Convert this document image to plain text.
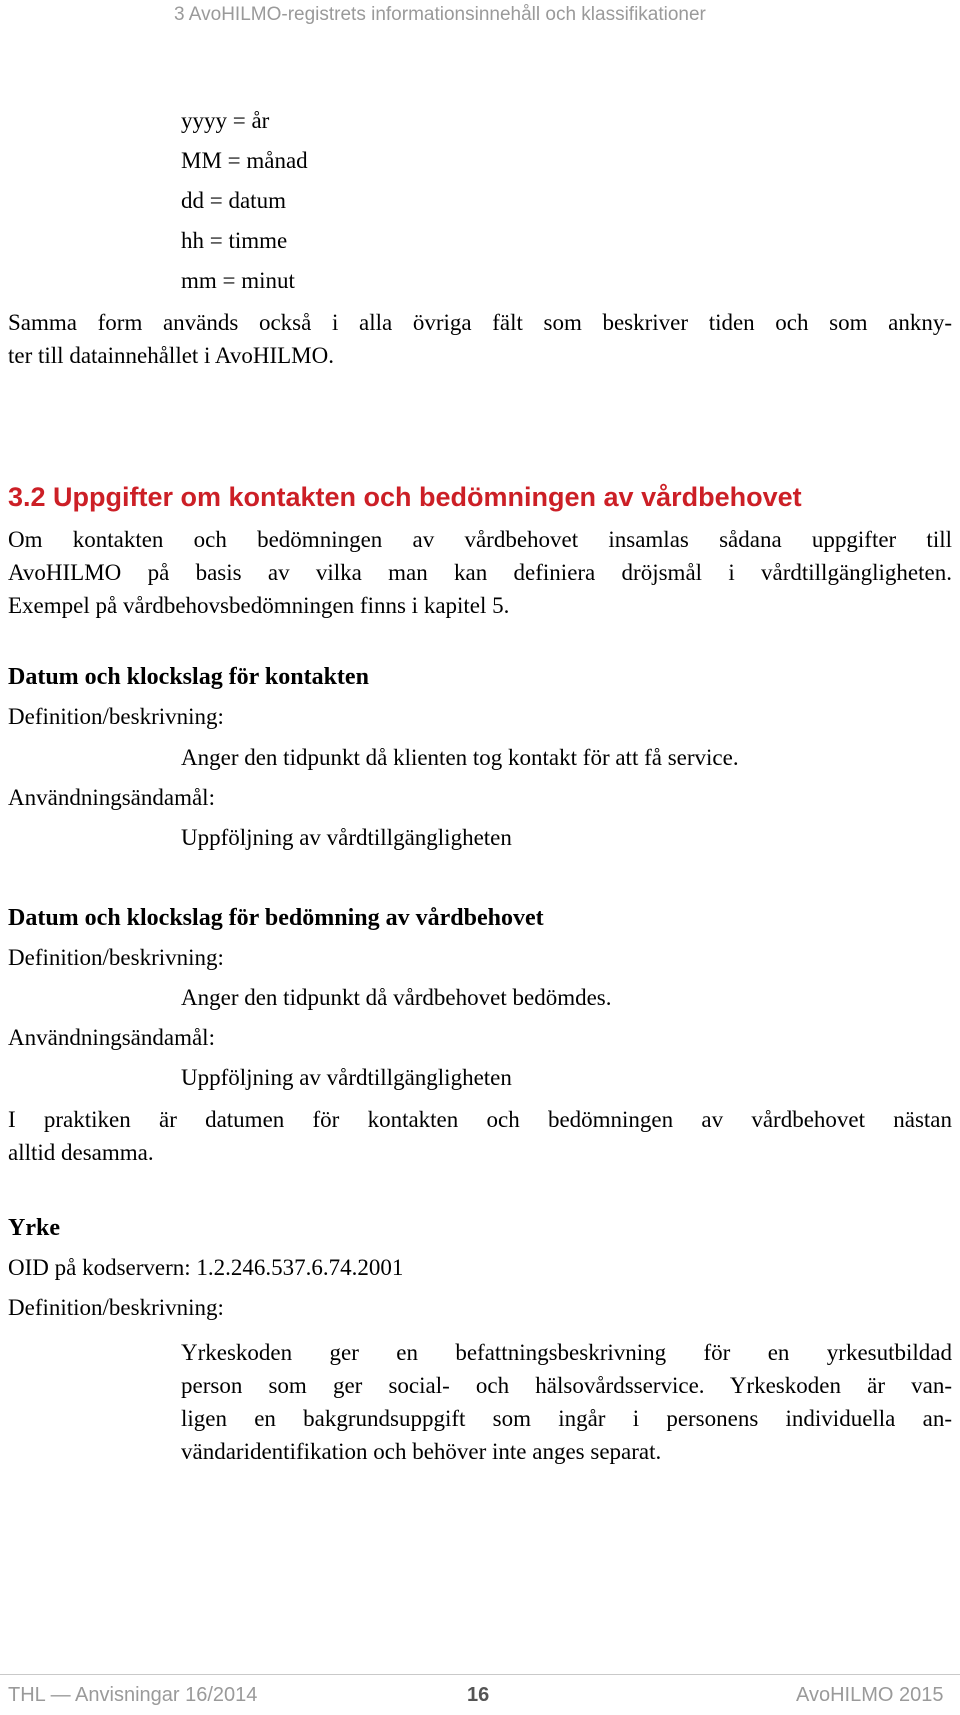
3 AvoHILMO-registrets informationsinnehåll och klassifikationer
yyyy = år
MM = månad
dd = datum
hh = timme
mm = minut
Samma form används också i alla övriga fält som beskriver tiden och som ankny-
ter till datainnehållet i AvoHILMO.
3.2 Uppgifter om kontakten och bedömningen av vårdbehovet
Om kontakten och bedömningen av vårdbehovet insamlas sådana uppgifter till
AvoHILMO på basis av vilka man kan definiera dröjsmål i vårdtillgängligheten.
Exempel på vårdbehovsbedömningen finns i kapitel 5.
Datum och klockslag för kontakten
Definition/beskrivning:
Anger den tidpunkt då klienten tog kontakt för att få service.
Användningsändamål:
Uppföljning av vårdtillgängligheten
Datum och klockslag för bedömning av vårdbehovet
Definition/beskrivning:
Anger den tidpunkt då vårdbehovet bedömdes.
Användningsändamål:
Uppföljning av vårdtillgängligheten
I praktiken är datumen för kontakten och bedömningen av vårdbehovet nästan
alltid desamma.
Yrke
OID på kodservern: 1.2.246.537.6.74.2001
Definition/beskrivning:
Yrkeskoden ger en befattningsbeskrivning för en yrkesutbildad
person som ger social- och hälsovårdsservice. Yrkeskoden är van-
ligen en bakgrundsuppgift som ingår i personens individuella an-
vändaridentifikation och behöver inte anges separat.
THL — Anvisningar 16/2014	16	AvoHILMO 2015
